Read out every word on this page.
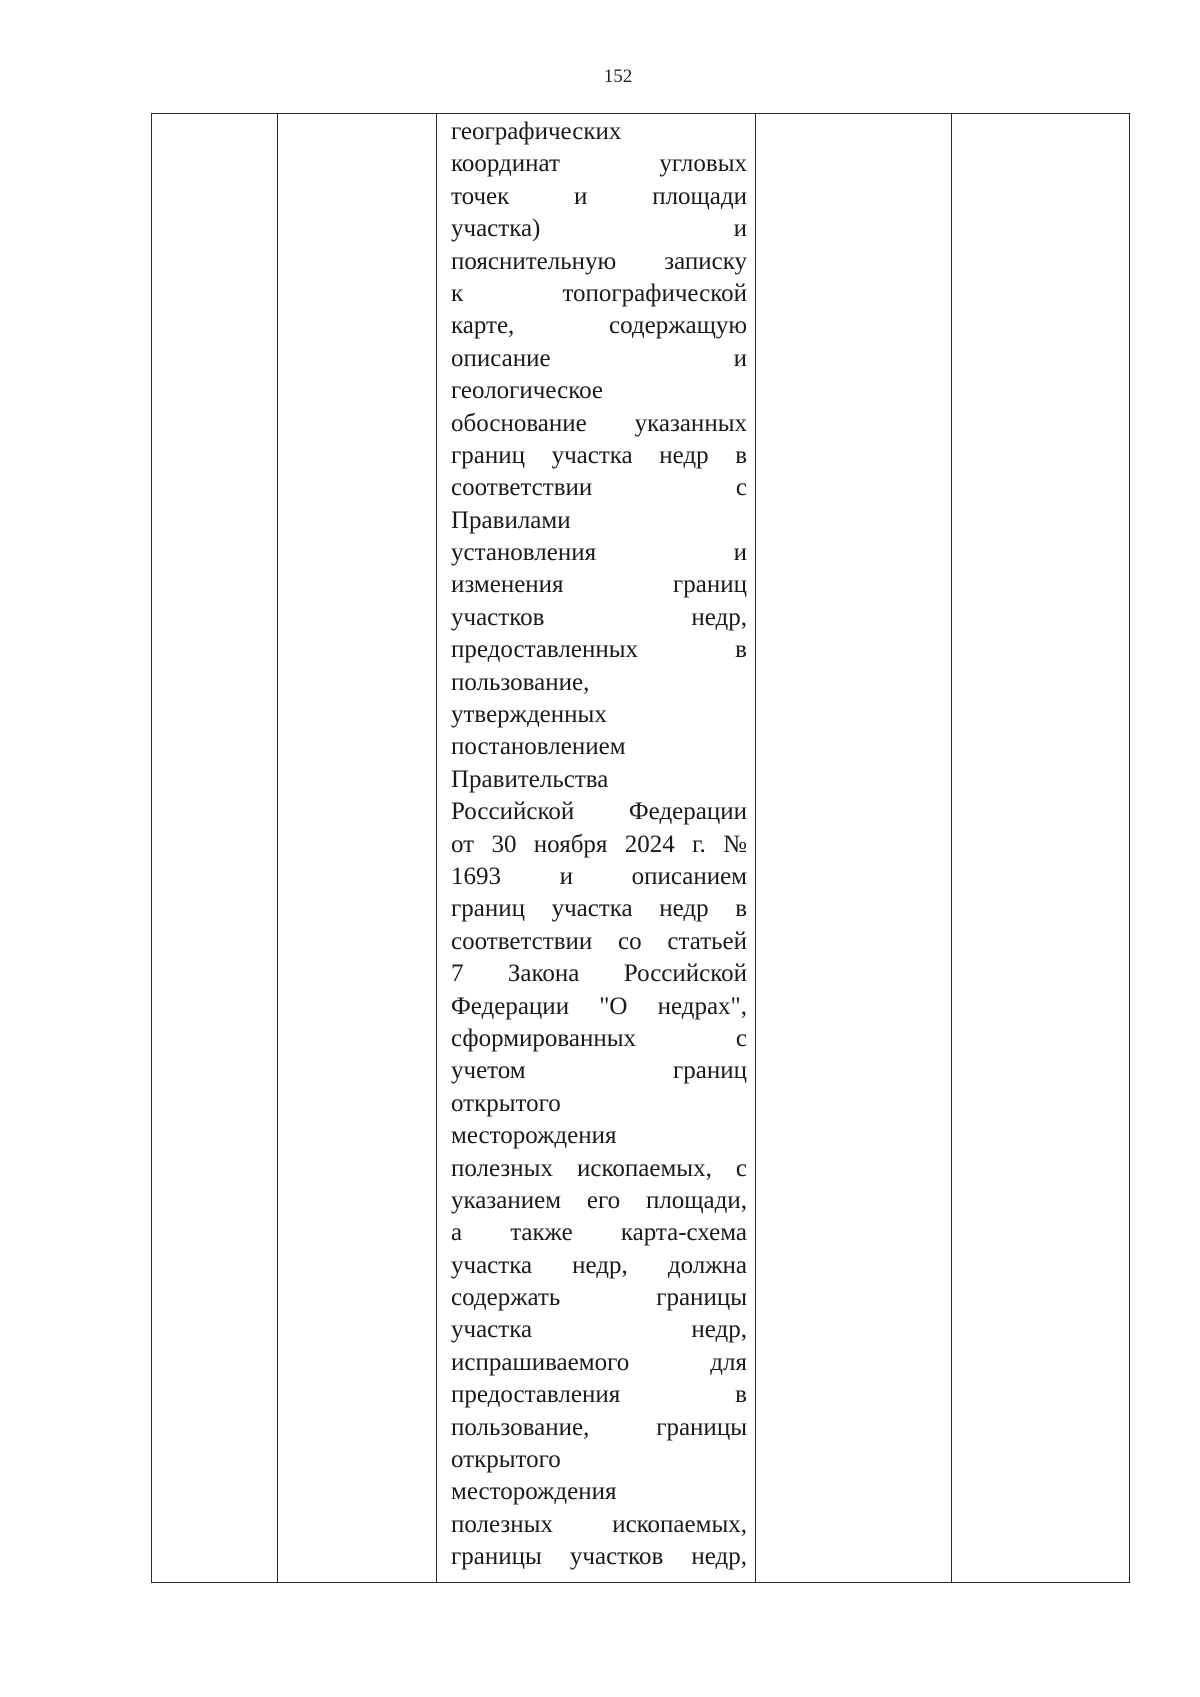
152
географических
координат угловых
точек и площади
участка) и
пояснительную записку
к топографической
карте, содержащую
описание и
геологическое
обоснование указанных
границ участка недр в
соответствии с
Правилами
установления и
изменения границ
участков недр,
предоставленных в
пользование,
утвержденных
постановлением
Правительства
Российской Федерации
от 30 ноября 2024 г. №
1693 и описанием
границ участка недр в
соответствии со статьей
7 Закона Российской
Федерации "О недрах",
сформированных с
учетом границ
открытого
месторождения
полезных ископаемых, с
указанием его площади,
а также карта-схема
участка недр, должна
содержать границы
участка недр,
испрашиваемого для
предоставления в
пользование, границы
открытого
месторождения
полезных ископаемых,
границы участков недр,
